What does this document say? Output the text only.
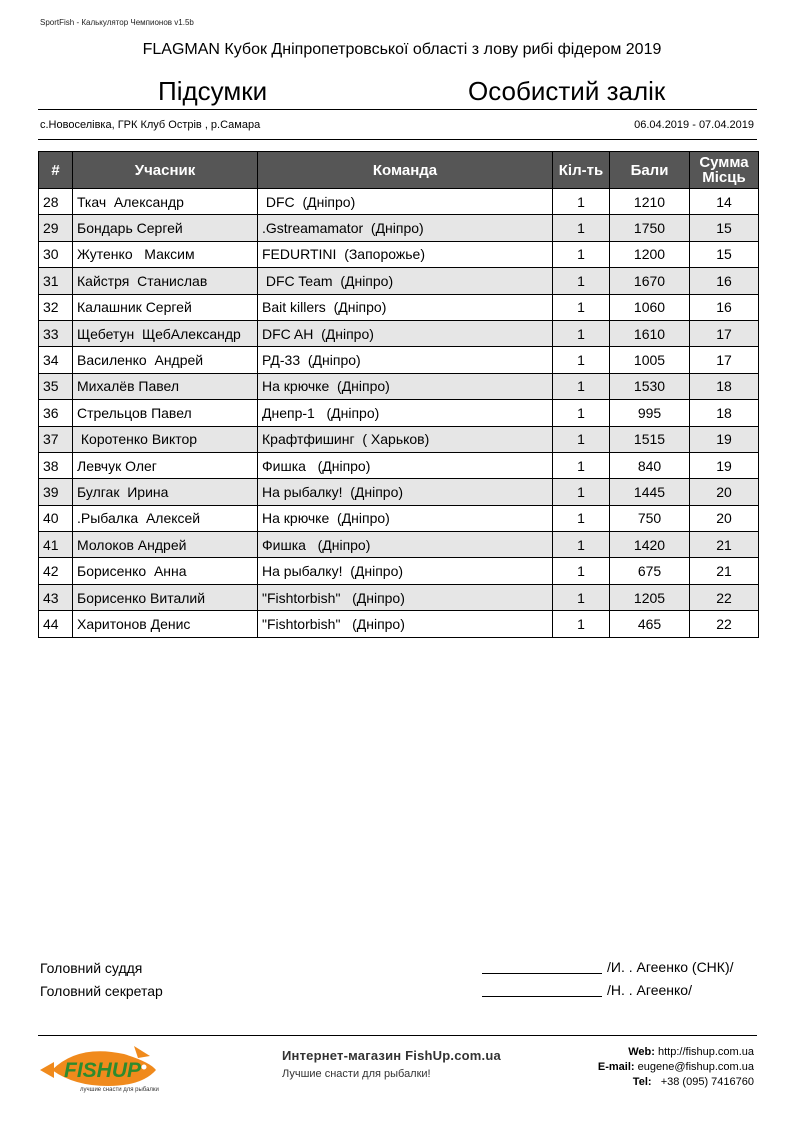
SportFish - Калькулятор Чемпионов v1.5b
FLAGMAN Кубок Дніпропетровської області з лову рибі фідером 2019
Підсумки	Особистий залік
с.Новоселівка, ГРК Клуб Острів , р.Самара	06.04.2019 - 07.04.2019
#	Учасник	Команда	Кіл-ть	Бали	Сумма
Місць
28	Ткач  Александр	DFC  (Дніпро)	1	1210	14
29	Бондарь Сергей	.Gstreamamator  (Дніпро)	1	1750	15
30	Жутенко   Максим	FEDURTINI  (Запорожье)	1	1200	15
31	Кайстря  Станислав	DFC Team  (Дніпро)	1	1670	16
32	Калашник Сергей	Bait killers  (Дніпро)	1	1060	16
33	Щебетун  ЩебАлександр	DFC AH  (Дніпро)	1	1610	17
34	Василенко  Андрей	РД-33  (Дніпро)	1	1005	17
35	Михалёв Павел	На крючке  (Дніпро)	1	1530	18
36	Стрельцов Павел	Днепр-1   (Дніпро)	1	995	18
37	Коротенко Виктор	Крафтфишинг  ( Харьков)	1	1515	19
38	Левчук Олег	Фишка   (Дніпро)	1	840	19
39	Булгак  Ирина	На рыбалку!  (Дніпро)	1	1445	20
40	.Рыбалка  Алексей	На крючке  (Дніпро)	1	750	20
41	Молоков Андрей	Фишка   (Дніпро)	1	1420	21
42	Борисенко  Анна	На рыбалку!  (Дніпро)	1	675	21
43	Борисенко Виталий	"Fishtorbish"   (Дніпро)	1	1205	22
44	Харитонов Денис	"Fishtorbish"   (Дніпро)	1	465	22
Головний суддя	/И. . Агеенко (СНК)/
Головний секретар	/Н. . Агеенко/
FISHUP
лучшие снасти для рыбалки
Интернет-магазин FishUp.com.ua
Лучшие снасти для рыбалки!
Web: http://fishup.com.ua
E-mail: eugene@fishup.com.ua
Tel: +38 (095) 7416760
